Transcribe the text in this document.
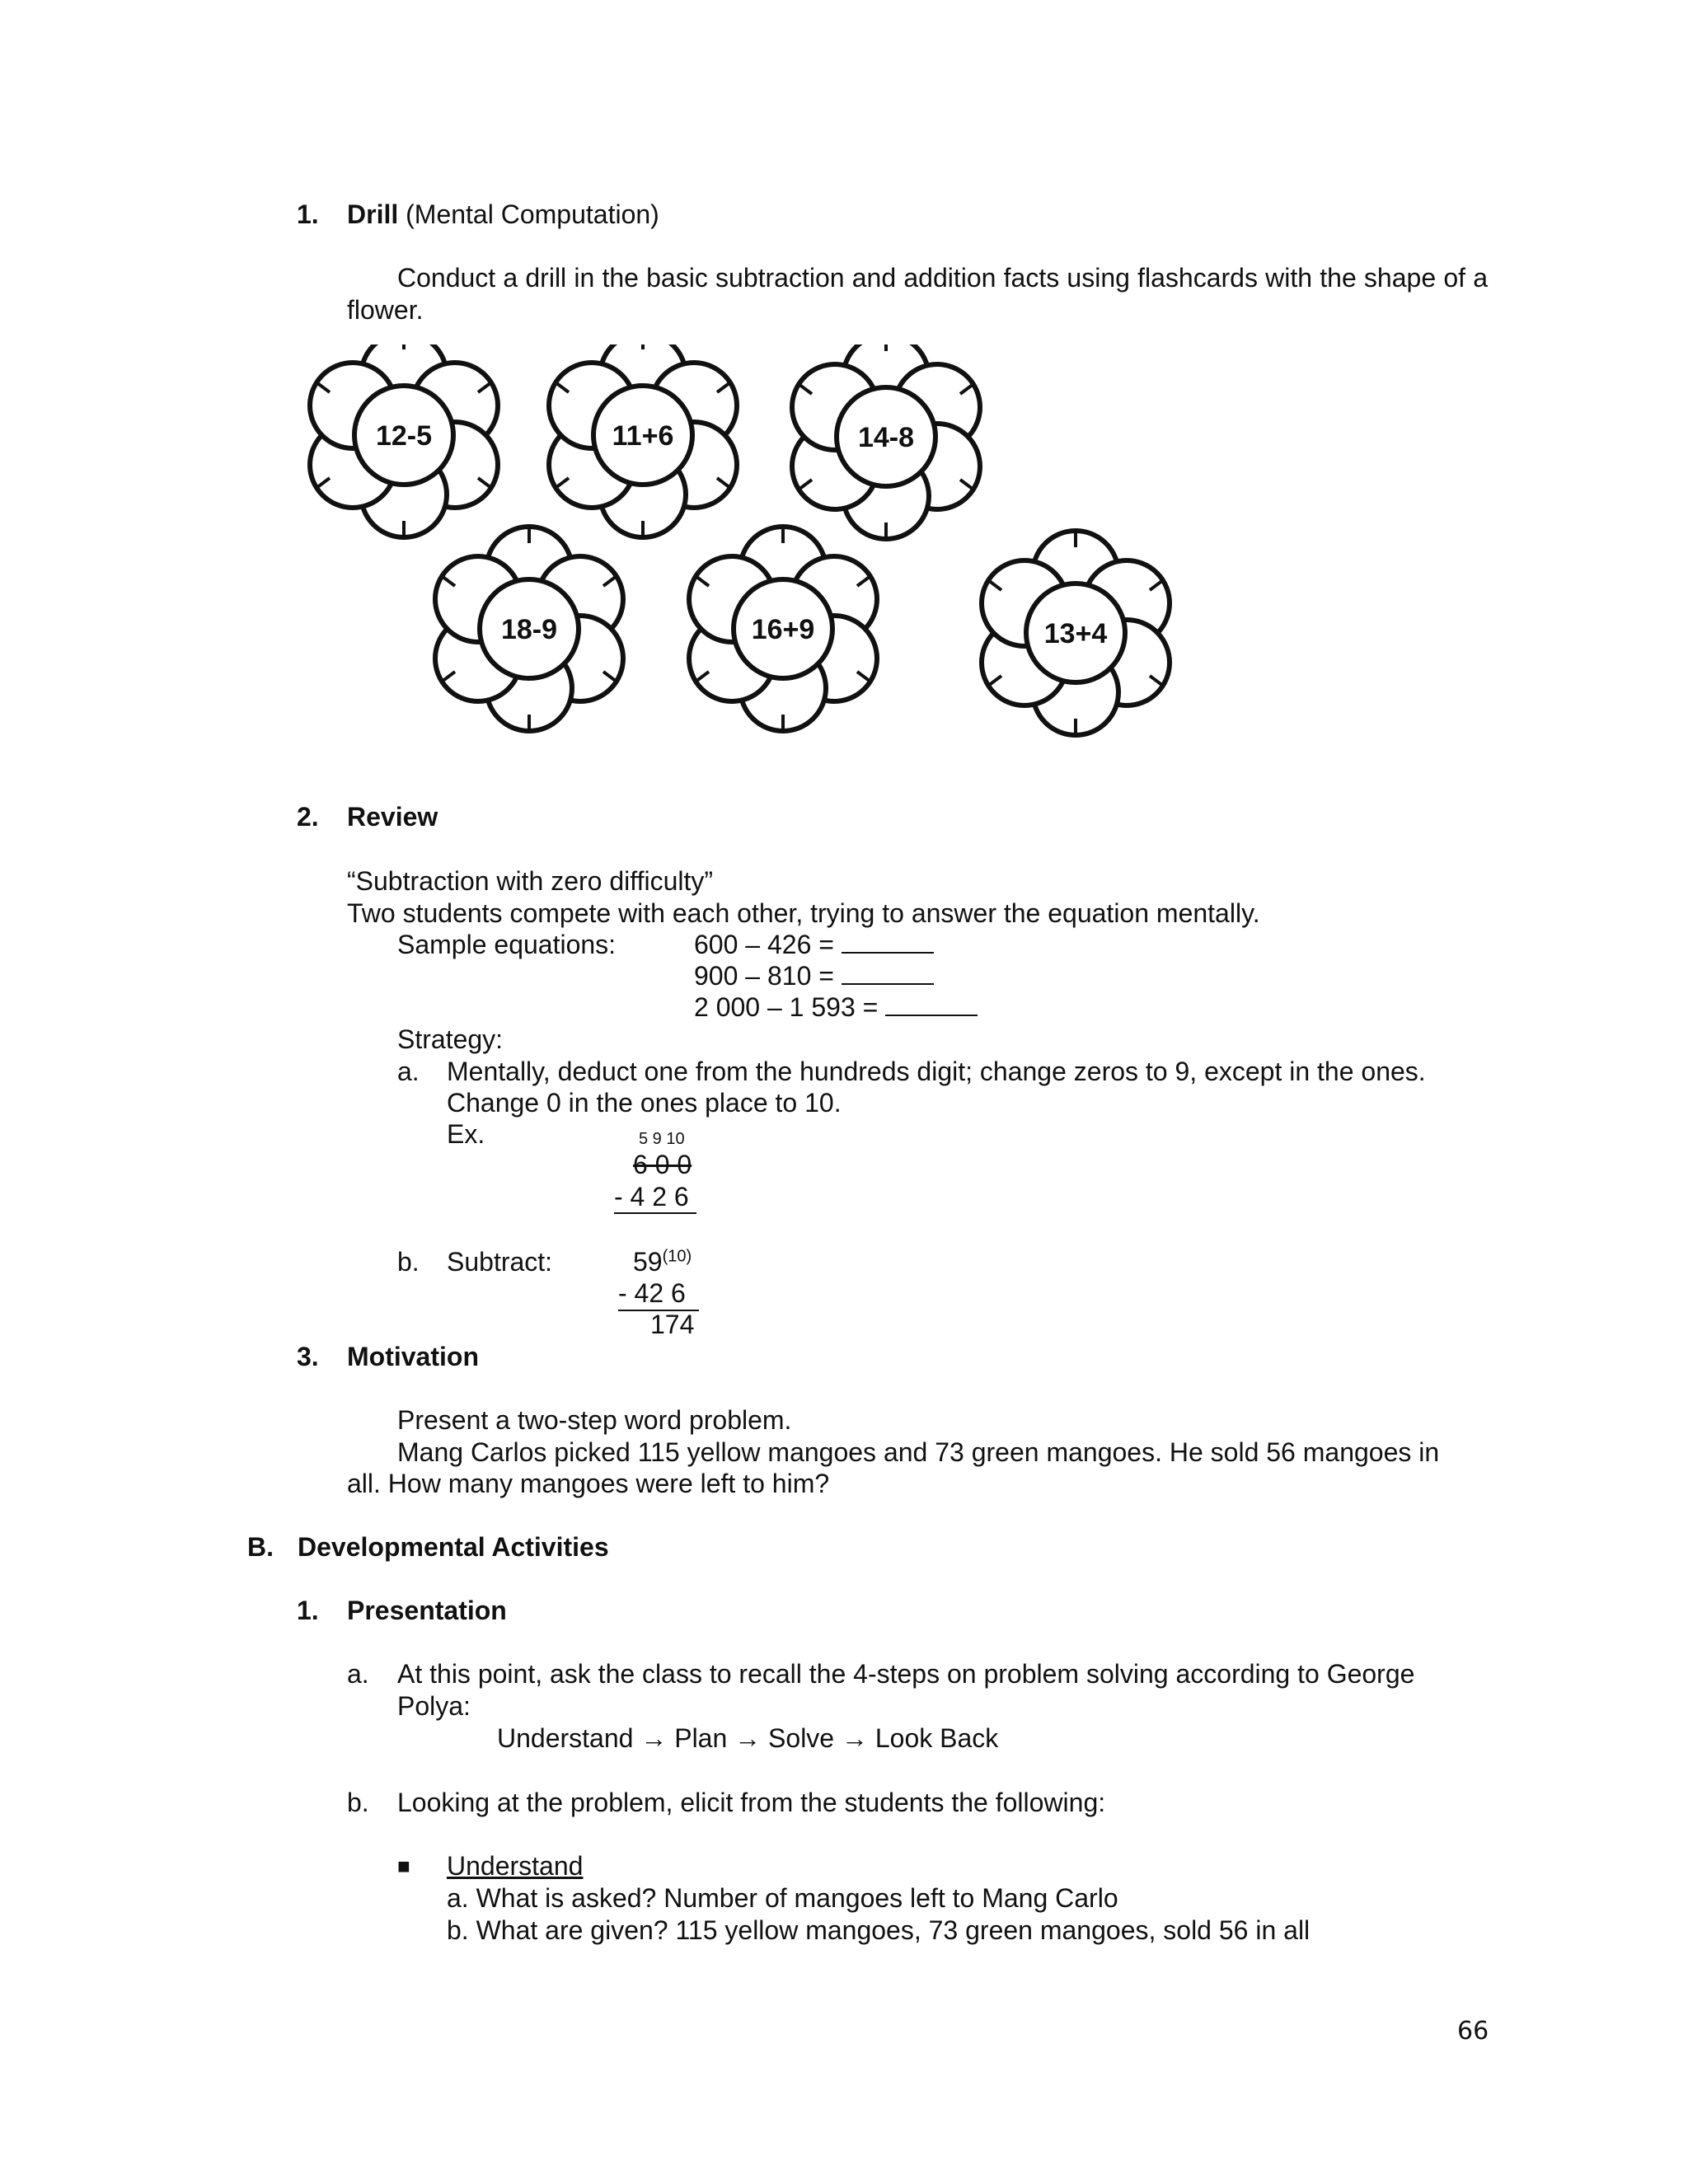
1. Drill (Mental Computation)
Conduct a drill in the basic subtraction and addition facts using flashcards with the shape of a flower.
12-5	11+6	14-8
18-9	16+9	13+4
2. Review
“Subtraction with zero difficulty”
Two students compete with each other, trying to answer the equation mentally.
Sample equations:	600 – 426 =
900 – 810 =
2 000 – 1 593 =
Strategy:
a. Mentally, deduct one from the hundreds digit; change zeros to 9, except in the ones.
Change 0 in the ones place to 10.
Ex.	5 9 10
6 0 0
- 4 2 6
b. Subtract:	59$^{(10)}$
- 42 6
174
3. Motivation
Present a two-step word problem.
Mang Carlos picked 115 yellow mangoes and 73 green mangoes. He sold 56 mangoes in
all. How many mangoes were left to him?
B. Developmental Activities
1. Presentation
a. At this point, ask the class to recall the 4-steps on problem solving according to George
Polya:
Understand → Plan → Solve → Look Back
b. Looking at the problem, elicit from the students the following:
■ Understand
a. What is asked? Number of mangoes left to Mang Carlo
b. What are given? 115 yellow mangoes, 73 green mangoes, sold 56 in all
66
